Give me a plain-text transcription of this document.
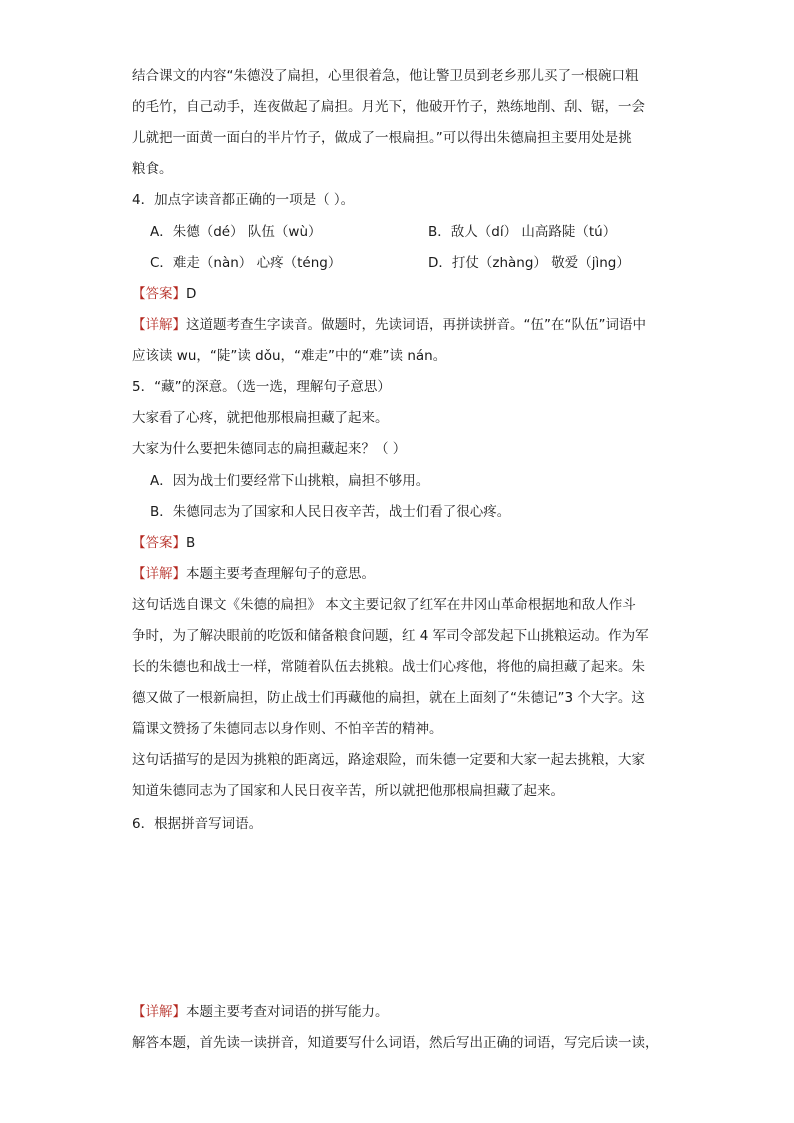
结合课文的内容“朱德没了扁担，心里很着急，他让警卫员到老乡那儿买了一根碗口粗
的毛竹，自己动手，连夜做起了扁担。月光下，他破开竹子，熟练地削、刮、锯，一会
儿就把一面黄一面白的半片竹子，做成了一根扁担。”可以得出朱德扁担主要用处是挑
粮食。
4．加点字读音都正确的一项是（ ）。
A．朱德（dé） 队伍（wù）	B．敌人（dí） 山高路陡（tú）
C．难走（nàn） 心疼（téng）	D．打仗（zhàng） 敬爱（jìng）
【答案】D
【详解】这道题考查生字读音。做题时，先读词语，再拼读拼音。“伍”在“队伍”词语中
应该读 wu，“陡”读 dǒu，“难走”中的“难”读 nán。
5．“藏”的深意。（选一选，理解句子意思）
大家看了心疼，就把他那根扁担藏了起来。
大家为什么要把朱德同志的扁担藏起来？（ ）
A．因为战士们要经常下山挑粮，扁担不够用。
B．朱德同志为了国家和人民日夜辛苦，战士们看了很心疼。
【答案】B
【详解】本题主要考查理解句子的意思。
这句话选自课文《朱德的扁担》 本文主要记叙了红军在井冈山革命根据地和敌人作斗
争时，为了解决眼前的吃饭和储备粮食问题，红 4 军司令部发起下山挑粮运动。作为军
长的朱德也和战士一样，常随着队伍去挑粮。战士们心疼他，将他的扁担藏了起来。朱
德又做了一根新扁担，防止战士们再藏他的扁担，就在上面刻了“朱德记”3 个大字。这
篇课文赞扬了朱德同志以身作则、不怕辛苦的精神。
这句话描写的是因为挑粮的距离远，路途艰险，而朱德一定要和大家一起去挑粮，大家
知道朱德同志为了国家和人民日夜辛苦，所以就把他那根扁担藏了起来。
6．根据拼音写词语。
【详解】本题主要考查对词语的拼写能力。
解答本题，首先读一读拼音，知道要写什么词语，然后写出正确的词语，写完后读一读，
